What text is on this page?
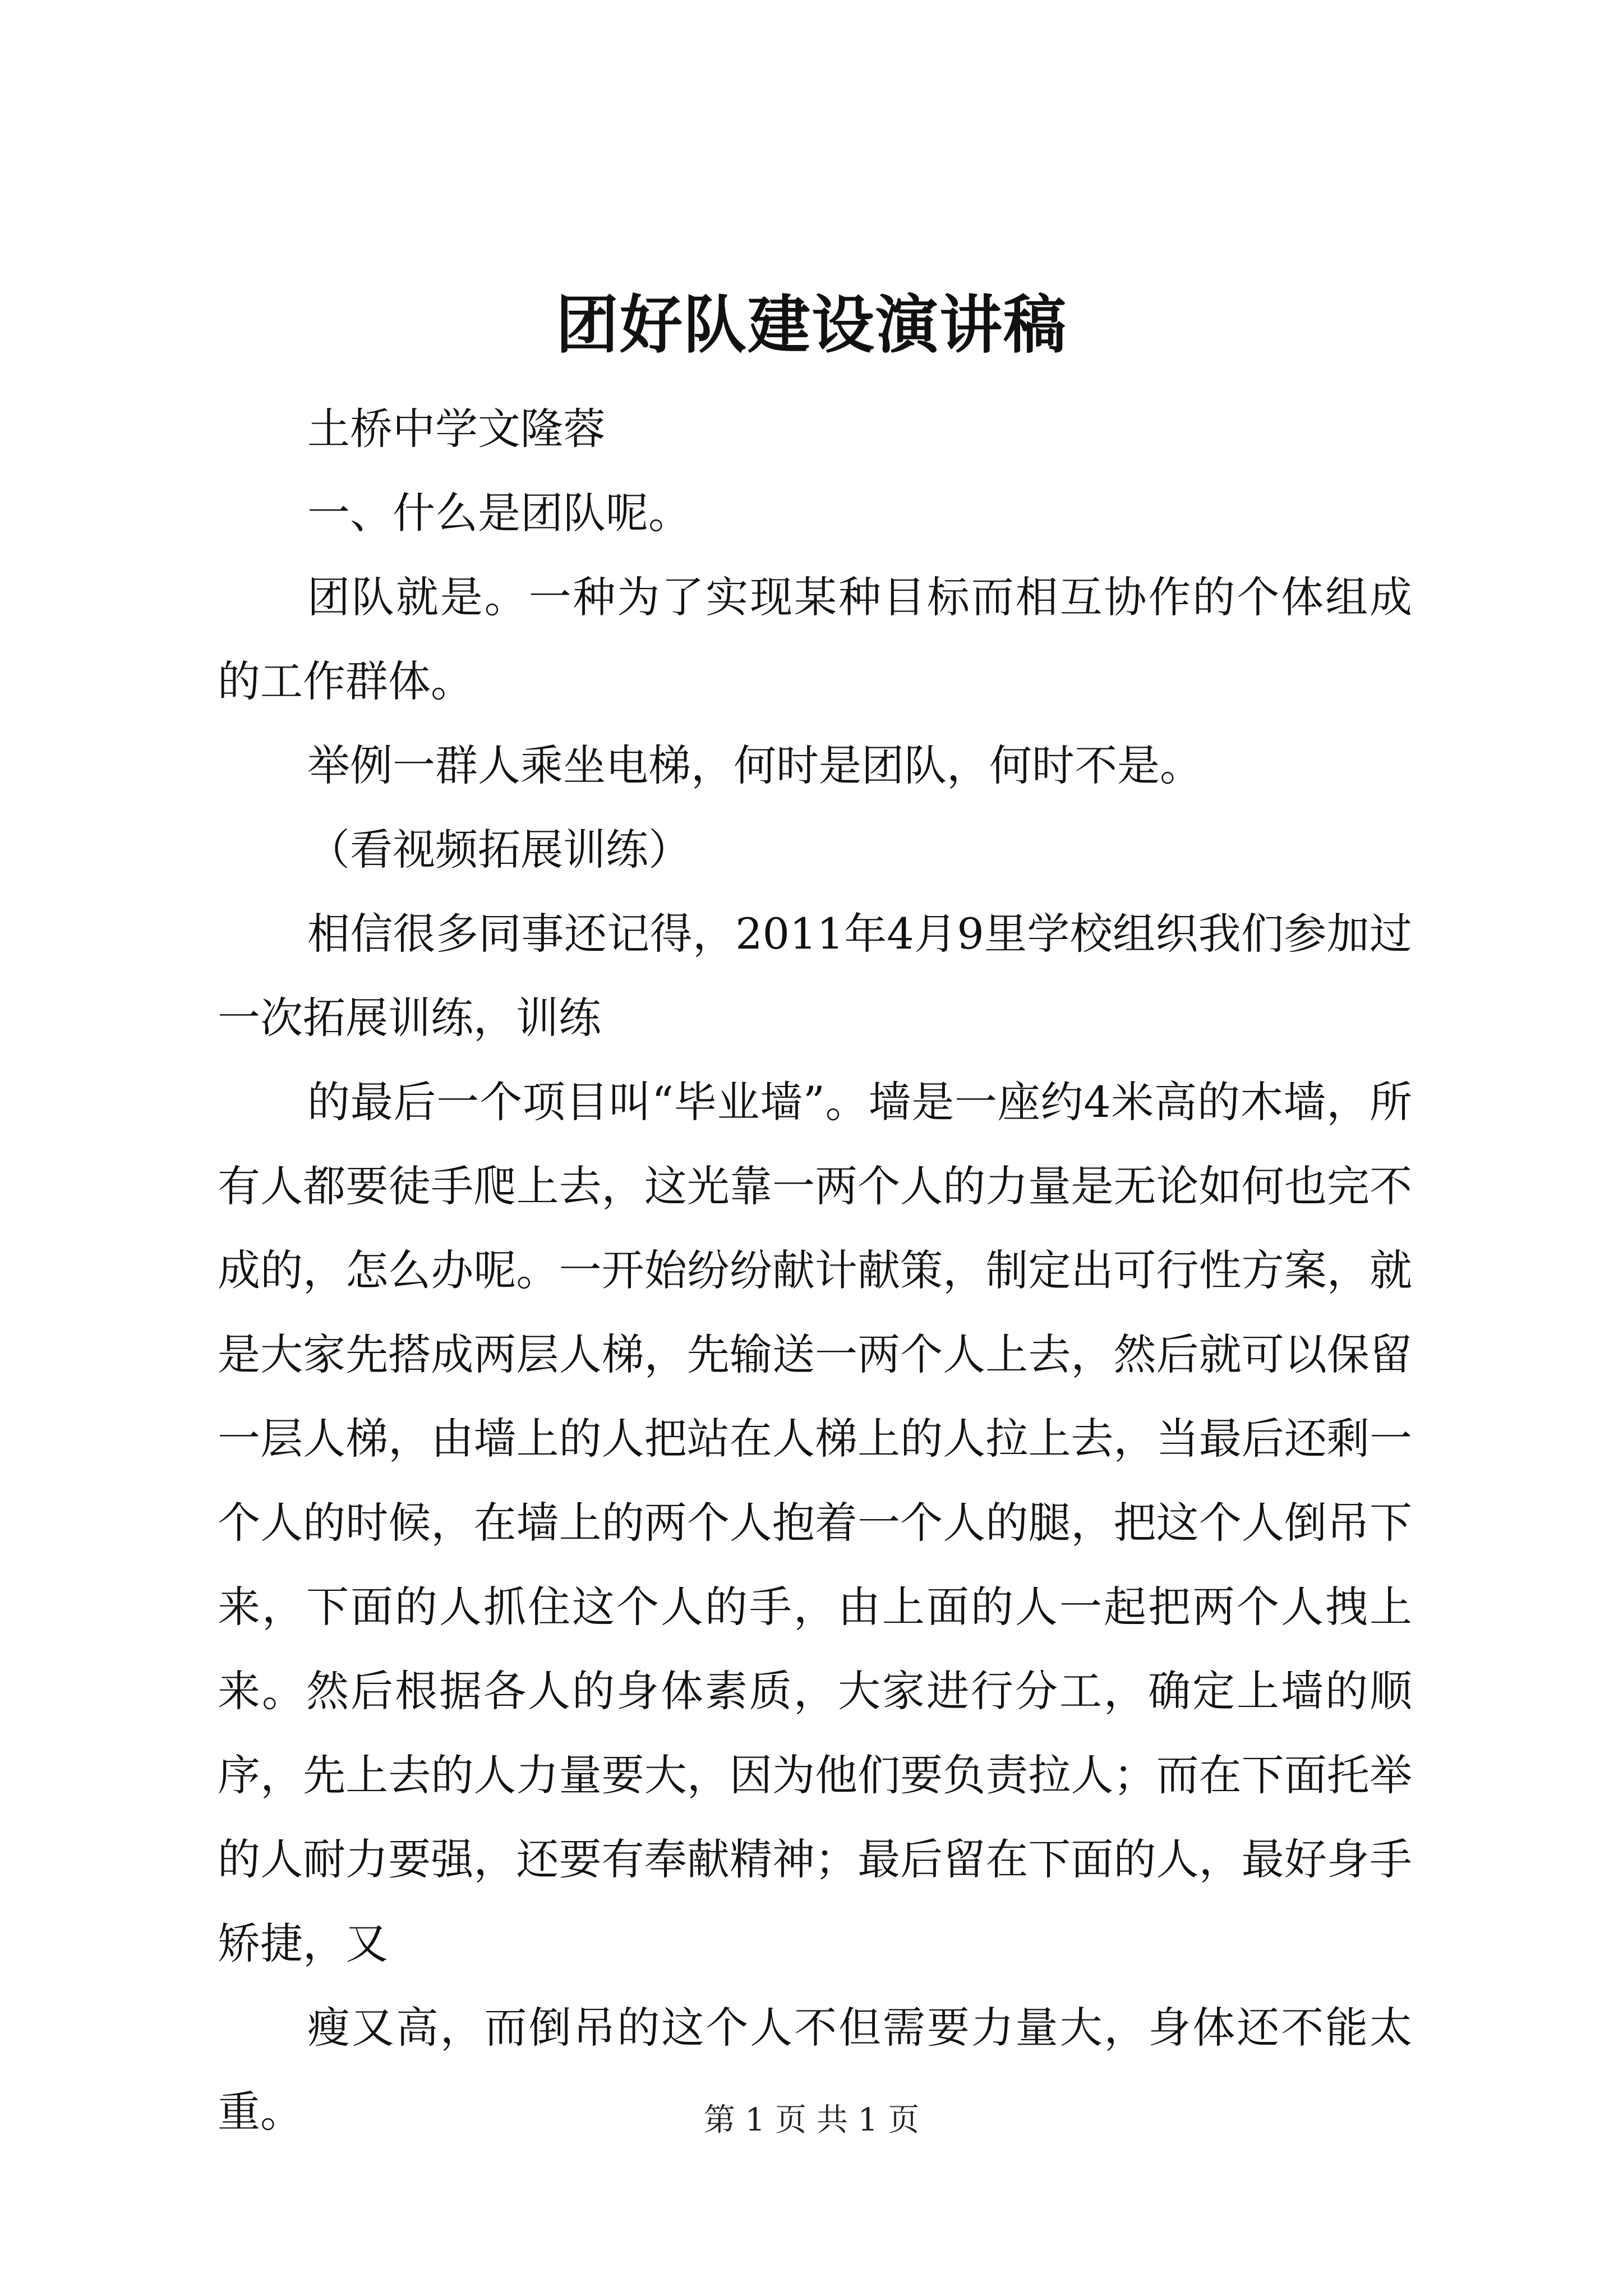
团好队建设演讲稿

土桥中学文隆蓉

一、什么是团队呢。

团队就是。一种为了实现某种目标而相互协作的个体组成的工作群体。

举例一群人乘坐电梯，何时是团队，何时不是。

（看视频拓展训练）

相信很多同事还记得，2011年4月9里学校组织我们参加过一次拓展训练，训练

的最后一个项目叫“毕业墙”。墙是一座约4米高的木墙，所有人都要徒手爬上去，这光靠一两个人的力量是无论如何也完不成的，怎么办呢。一开始纷纷献计献策，制定出可行性方案，就是大家先搭成两层人梯，先输送一两个人上去，然后就可以保留一层人梯，由墙上的人把站在人梯上的人拉上去，当最后还剩一个人的时候，在墙上的两个人抱着一个人的腿，把这个人倒吊下来，下面的人抓住这个人的手，由上面的人一起把两个人拽上来。然后根据各人的身体素质，大家进行分工，确定上墙的顺序，先上去的人力量要大，因为他们要负责拉人；而在下面托举的人耐力要强，还要有奉献精神；最后留在下面的人，最好身手矫捷，又

瘦又高，而倒吊的这个人不但需要力量大，身体还不能太重。	第 1 页 共 1 页
